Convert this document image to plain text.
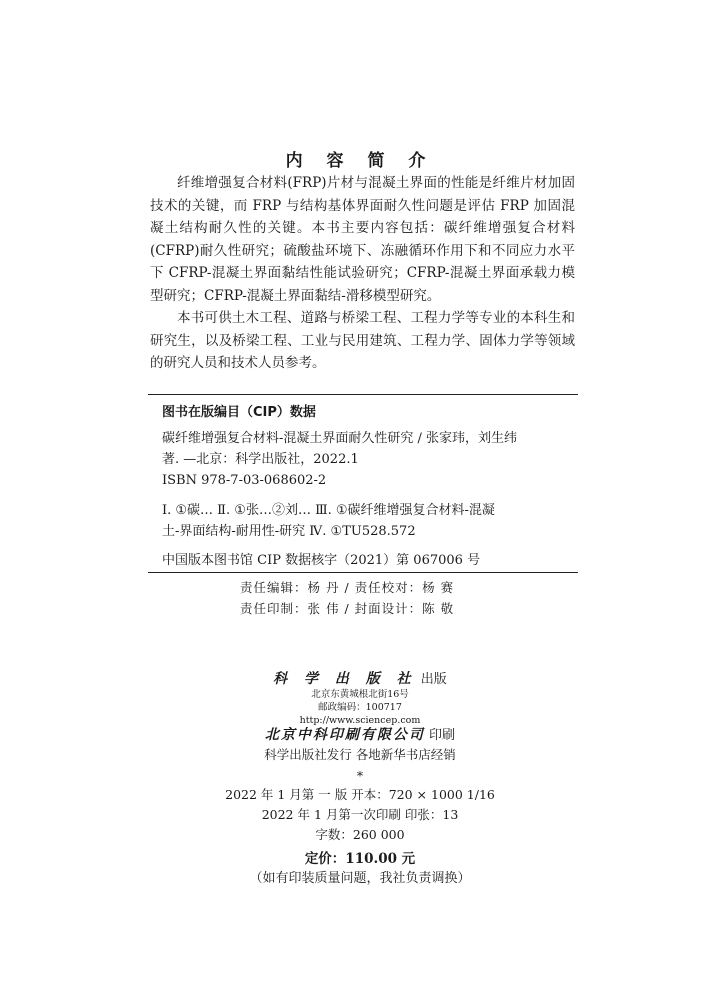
内 容 简 介

纤维增强复合材料(FRP)片材与混凝土界面的性能是纤维片材加固技术的关键，而 FRP 与结构基体界面耐久性问题是评估 FRP 加固混凝土结构耐久性的关键。本书主要内容包括：碳纤维增强复合材料(CFRP)耐久性研究；硫酸盐环境下、冻融循环作用下和不同应力水平下 CFRP-混凝土界面黏结性能试验研究；CFRP-混凝土界面承载力模型研究；CFRP-混凝土界面黏结-滑移模型研究。

本书可供土木工程、道路与桥梁工程、工程力学等专业的本科生和研究生，以及桥梁工程、工业与民用建筑、工程力学、固体力学等领域的研究人员和技术人员参考。

图书在版编目（CIP）数据
碳纤维增强复合材料-混凝土界面耐久性研究 / 张家玮，刘生纬
著. —北京：科学出版社，2022.1
ISBN 978-7-03-068602-2
Ⅰ. ①碳… Ⅱ. ①张…②刘… Ⅲ. ①碳纤维增强复合材料-混凝
土-界面结构-耐用性-研究 Ⅳ. ①TU528.572
中国版本图书馆 CIP 数据核字（2021）第 067006 号
责任编辑：杨 丹 / 责任校对：杨 赛
责任印制：张 伟 / 封面设计：陈 敬
科 学 出 版 社 出版
北京东黄城根北街16号
邮政编码：100717
http://www.sciencep.com
北京中科印刷有限公司 印刷
科学出版社发行 各地新华书店经销
*
2022 年 1 月第 一 版 开本：720 × 1000 1/16
2022 年 1 月第一次印刷 印张：13
字数：260 000
定价：110.00 元
（如有印装质量问题，我社负责调换）
